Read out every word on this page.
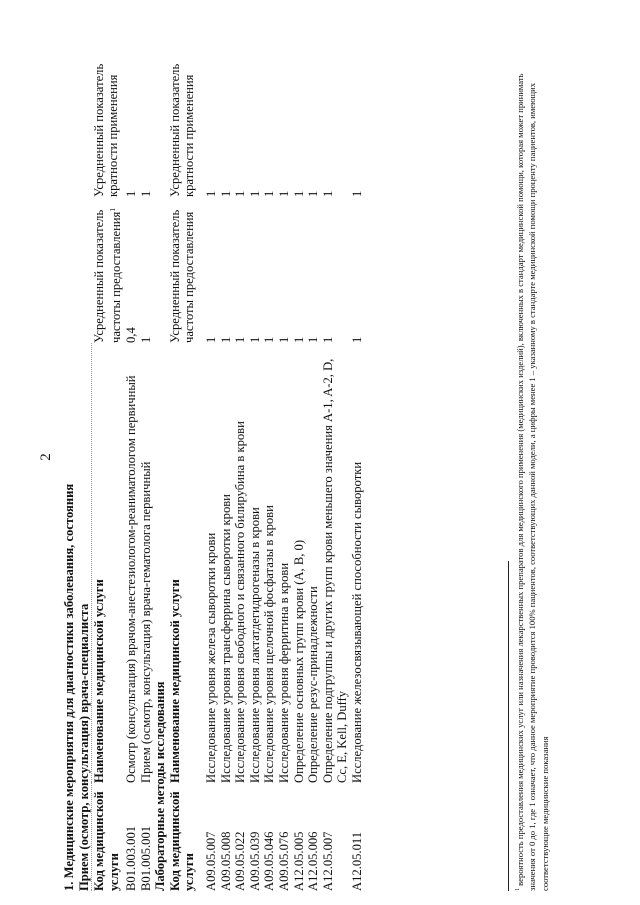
2

1. Медицинские мероприятия для диагностики заболевания, состояния Прием (осмотр, консультация) врача-специалиста Код медицинской услуги	Наименование медицинской услуги	Усредненный показатель частоты предоставления$^1$	Усредненный показатель кратности применения
B01.003.001	Осмотр (консультация) врачом-анестезиологом-реаниматологом первичный	0,4	1
B01.005.001	Прием (осмотр, консультация) врача-гематолога первичный	1	1

Лабораторные методы исследования Код медицинской услуги	Наименование медицинской услуги	Усредненный показатель частоты предоставления	Усредненный показатель кратности применения

A09.05.007	Исследование уровня железа сыворотки крови	1	1
A09.05.008	Исследование уровня трансферрина сыворотки крови	1	1
A09.05.022	Исследование уровня свободного и связанного билирубина в крови	1	1
A09.05.039	Исследование уровня лактатдегидрогеназы в крови	1	1
A09.05.046	Исследование уровня щелочной фосфатазы в крови	1	1
A09.05.076	Исследование уровня ферритина в крови	1	1
A12.05.005	Определение основных групп крови (A, B, 0)	1	1
A12.05.006	Определение резус-принадлежности	1	1
A12.05.007	Определение подгруппы и других групп крови меньшего значения A-1, A-2, D, Cc, E, Kell, Duffy	1	1
A12.05.011	Исследование железосвязывающей способности сыворотки	1	1
$^1$ вероятность предоставления медицинских услуг или назначения лекарственных препаратов для медицинского применения (медицинских изделий), включенных в стандарт медицинской помощи, которая может принимать значения от 0 до 1, где 1 означает, что данное мероприятие проводится 100% пациентов, соответствующих данной модели, а цифры менее 1 – указанному в стандарте медицинской помощи проценту пациентов, имеющих соответствующие медицинские показания
